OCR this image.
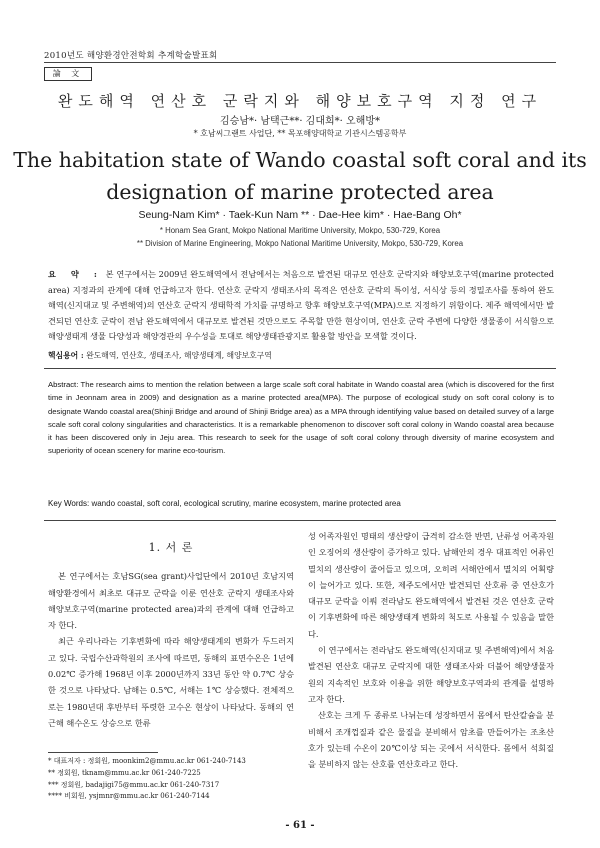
2010년도 해양환경안전학회 추계학술발표회
論 文
완도해역 연산호 군락지와 해양보호구역 지정 연구
김승남*· 남택근**· 김대희*· 오해방*
* 호남씨그랜트 사업단, ** 목포해양대학교 기관시스템공학부
The habitation state of Wando coastal soft coral and its
designation of marine protected area
Seung-Nam Kim* · Taek-Kun Nam ** · Dae-Hee kim* · Hae-Bang Oh*
* Honam Sea Grant, Mokpo National Maritime University, Mokpo, 530-729, Korea
** Division of Marine Engineering, Mokpo National Maritime University, Mokpo, 530-729, Korea
요 약 : 본 연구에서는 2009년 완도해역에서 전남에서는 처음으로 발견된 대규모 연산호 군락지와 해양보호구역(marine protected area) 지정과의 관계에 대해 언급하고자 한다. 연산호 군락지 생태조사의 목적은 연산호 군락의 특이성, 서식상 등의 정밀조사를 통하여 완도해역(신지대교 및 주변해역)의 연산호 군락지 생태학적 가치를 규명하고 향후 해양보호구역(MPA)으로 지정하기 위함이다. 제주 해역에서만 발견되던 연산호 군락이 전남 완도해역에서 대규모로 발견된 것만으로도 주목할 만한 현상이며, 연산호 군락 주변에 다양한 생물종이 서식함으로 해양생태계 생물 다양성과 해양경관의 우수성을 토대로 해양생태관광지로 활용할 방안을 모색할 것이다.
핵심용어 : 완도해역, 연산호, 생태조사, 해양생태계, 해양보호구역
Abstract: The research aims to mention the relation between a large scale soft coral habitate in Wando coastal area (which is discovered for the first time in Jeonnam area in 2009) and designation as a marine protected area(MPA). The purpose of ecological study on soft coral colony is to designate Wando coastal area(Shinji Bridge and around of Shinji Bridge area) as a MPA through identifying value based on detailed survey of a large scale soft coral colony singularities and characteristics. It is a remarkable phenomenon to discover soft coral colony in Wando coastal area because it has been discovered only in Jeju area. This research to seek for the usage of soft coral colony through diversity of marine ecosystem and superiority of ocean scenery for marine eco-tourism.
Key Words: wando coastal, soft coral, ecological scrutiny, marine ecosystem, marine protected area
1. 서 론

본 연구에서는 호남SG(sea grant)사업단에서 2010년 호남지역 해양환경에서 최초로 대규모 군락을 이룬 연산호 군락지 생태조사와 해양보호구역(marine protected area)과의 관계에 대해 언급하고자 한다.

최근 우리나라는 기후변화에 따라 해양생태계의 변화가 두드러지고 있다. 국립수산과학원의 조사에 따르면, 동해의 표면수온은 1년에 0.02℃ 증가해 1968년 이후 2000년까지 33년 동안 약 0.7℃ 상승한 것으로 나타났다. 남해는 0.5℃, 서해는 1℃ 상승했다. 전체적으로는 1980년대 후반부터 뚜렷한 고수온 현상이 나타났다. 동해의 연근해 해수온도 상승으로 한류

성 어족자원인 명태의 생산량이 급격히 감소한 반면, 난류성 어족자원인 오징어의 생산량이 증가하고 있다. 남해안의 경우 대표적인 어류인 멸치의 생산량이 줄어들고 있으며, 오히려 서해안에서 멸치의 어획량이 늘어가고 있다. 또한, 제주도에서만 발견되던 산호류 중 연산호가 대규모 군락을 이뤄 전라남도 완도해역에서 발견된 것은 연산호 군락이 기후변화에 따른 해양생태계 변화의 척도로 사용될 수 있음을 말한다.

이 연구에서는 전라남도 완도해역(신지대교 및 주변해역)에서 처음 발견된 연산호 대규모 군락지에 대한 생태조사와 더불어 해양생물자원의 지속적인 보호와 이용을 위한 해양보호구역과의 관계를 설명하고자 한다.

산호는 크게 두 종류로 나뉘는데 성장하면서 몸에서 탄산칼슘을 분비해서 조개껍질과 같은 물질을 분비해서 암초를 만들어가는 조초산호가 있는데 수온이 20℃이상 되는 곳에서 서식한다. 몸에서 석회질을 분비하지 않는 산호를 연산호라고 한다.

* 대표저자 : 정회원, moonkim2@mmu.ac.kr 061-240-7143
** 정회원, tknam@mmu.ac.kr 061-240-7225
*** 정회원, badajigi75@mmu.ac.kr 061-240-7317
**** 비회원, ysjmnr@mmu.ac.kr 061-240-7144
- 61 -
